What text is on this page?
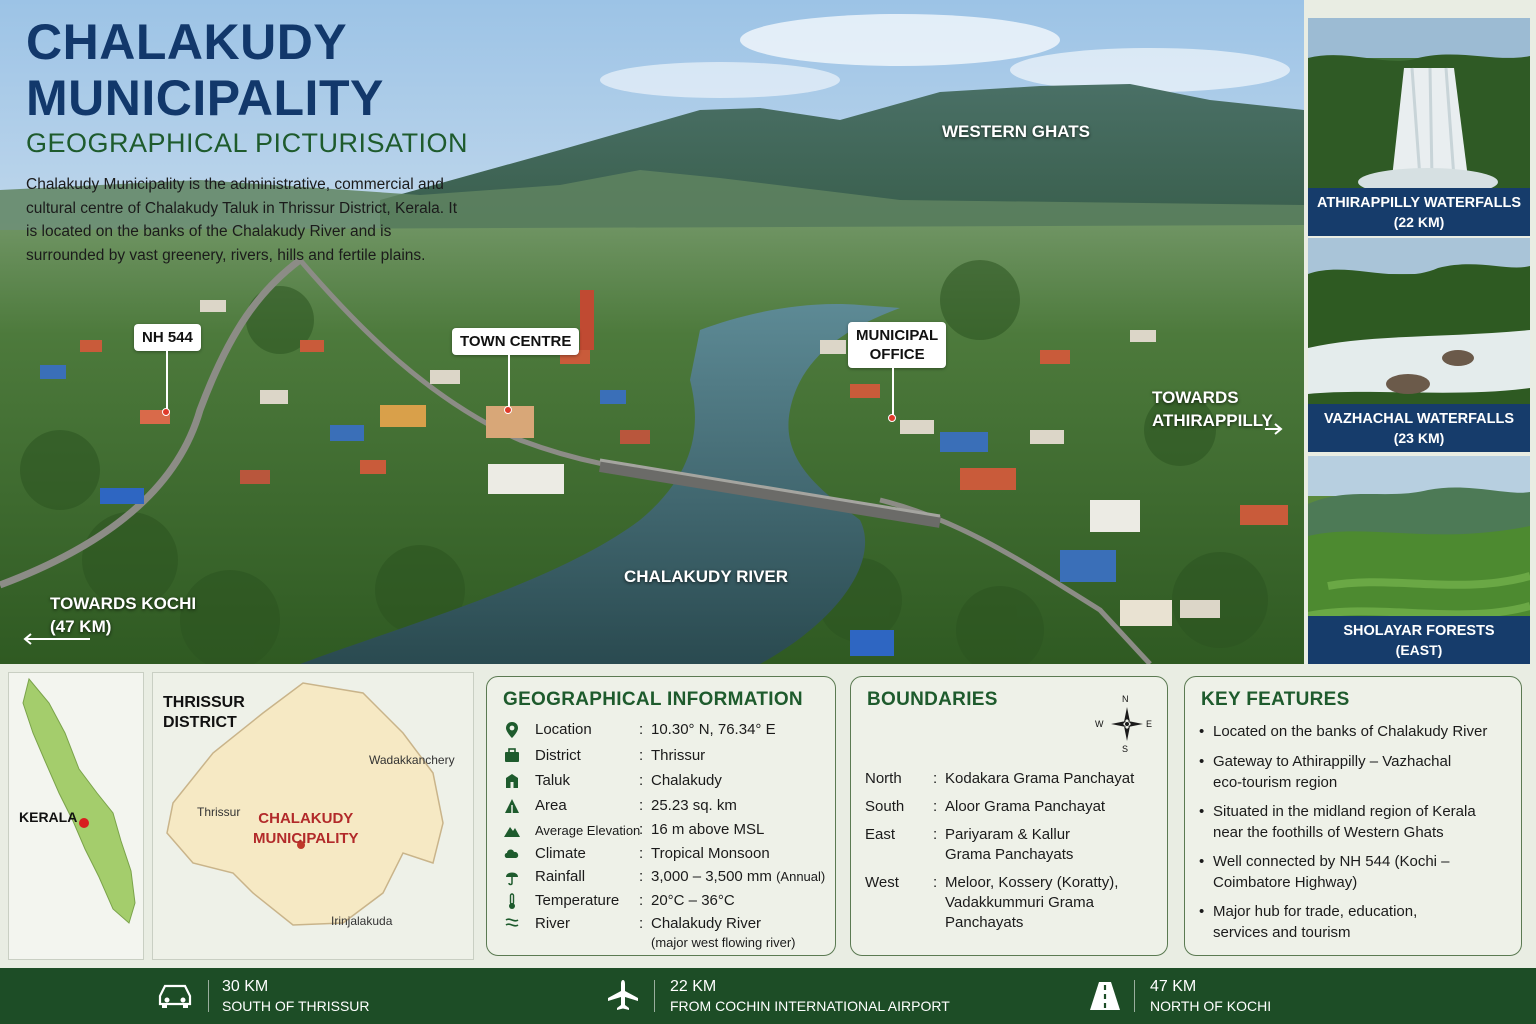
CHALAKUDY MUNICIPALITY
GEOGRAPHICAL PICTURISATION
Chalakudy Municipality is the administrative, commercial and cultural centre of Chalakudy Taluk in Thrissur District, Kerala. It is located on the banks of the Chalakudy River and is surrounded by vast greenery, rivers, hills and fertile plains.
NH 544	TOWN CENTRE	MUNICIPAL
OFFICE
WESTERN GHATS
CHALAKUDY RIVER
TOWARDS
ATHIRAPPILLY
TOWARDS KOCHI
(47 KM)
ATHIRAPPILLY WATERFALLS
(22 KM)
VAZHACHAL WATERFALLS
(23 KM)
SHOLAYAR FORESTS
(EAST)
KERALA
THRISSUR
DISTRICT
Wadakkanchery
Thrissur
Irinjalakuda
CHALAKUDY
MUNICIPALITY
GEOGRAPHICAL INFORMATION
Location	: 10.30° N, 76.34° E
District	: Thrissur
Taluk	: Chalakudy
Area	: 25.23 sq. km
Average Elevation
: 16 m above MSL
Climate	: Tropical Monsoon
Rainfall	: 3,000 – 3,500 mm (Annual)
Temperature : 20°C – 36°C
River	: Chalakudy River
(major west flowing river)
BOUNDARIES	N
S
W	E
North : Kodakara Grama Panchayat
South : Aloor Grama Panchayat
East	: Pariyaram & Kallur Grama Panchayats
West : Meloor, Kossery (Koratty), Vadakkummuri Grama Panchayats
KEY FEATURES
• Located on the banks of Chalakudy River
• Gateway to Athirappilly – Vazhachal eco-tourism region
• Situated in the midland region of Kerala near the foothills of Western Ghats
• Well connected by NH 544 (Kochi – Coimbatore Highway)
• Major hub for trade, education, services and tourism
30 KM
SOUTH OF THRISSUR
22 KM
FROM COCHIN INTERNATIONAL AIRPORT
47 KM
NORTH OF KOCHI
